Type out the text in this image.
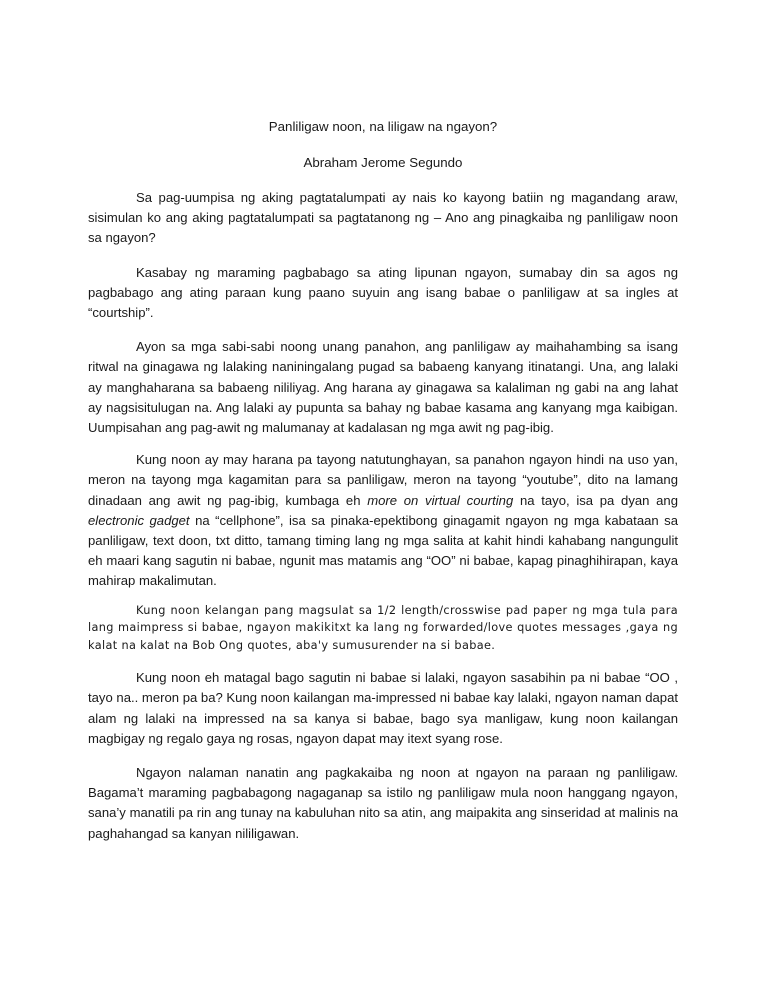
Panliligaw noon, na liligaw na ngayon?
Abraham Jerome Segundo

Sa pag-uumpisa ng aking pagtatalumpati ay nais ko kayong batiin ng magandang araw, sisimulan ko ang aking pagtatalumpati sa pagtatanong ng – Ano ang pinagkaiba ng panliligaw noon sa ngayon?

Kasabay ng maraming pagbabago sa ating lipunan ngayon, sumabay din sa agos ng pagbabago ang ating paraan kung paano suyuin ang isang babae o panliligaw at sa ingles at “courtship”.

Ayon sa mga sabi-sabi noong unang panahon, ang panliligaw ay maihahambing sa isang ritwal na ginagawa ng lalaking naniningalang pugad sa babaeng kanyang itinatangi. Una, ang lalaki ay manghaharana sa babaeng nililiyag. Ang harana ay ginagawa sa kalaliman ng gabi na ang lahat ay nagsisitulugan na. Ang lalaki ay pupunta sa bahay ng babae kasama ang kanyang mga kaibigan. Uumpisahan ang pag-awit ng malumanay at kadalasan ng mga awit ng pag-ibig.

Kung noon ay may harana pa tayong natutunghayan, sa panahon ngayon hindi na uso yan, meron na tayong mga kagamitan para sa panliligaw, meron na tayong “youtube”, dito na lamang dinadaan ang awit ng pag-ibig, kumbaga eh more on virtual courting na tayo, isa pa dyan ang electronic gadget na “cellphone”, isa sa pinaka-epektibong ginagamit ngayon ng mga kabataan sa panliligaw, text doon, txt ditto, tamang timing lang ng mga salita at kahit hindi kahabang nangungulit eh maari kang sagutin ni babae, ngunit mas matamis ang “OO” ni babae, kapag pinaghihirapan, kaya mahirap makalimutan.

Kung noon kelangan pang magsulat sa 1/2 length/crosswise pad paper ng mga tula para lang maimpress si babae, ngayon makikitxt ka lang ng forwarded/love quotes messages ,gaya ng kalat na kalat na Bob Ong quotes, aba'y sumusurender na si babae.

Kung noon eh matagal bago sagutin ni babae si lalaki, ngayon sasabihin pa ni babae “OO , tayo na.. meron pa ba? Kung noon kailangan ma-impressed ni babae kay lalaki, ngayon naman dapat alam ng lalaki na impressed na sa kanya si babae, bago sya manligaw, kung noon kailangan magbigay ng regalo gaya ng rosas, ngayon dapat may itext syang rose.

Ngayon nalaman nanatin ang pagkakaiba ng noon at ngayon na paraan ng panliligaw. Bagama’t maraming pagbabagong nagaganap sa istilo ng panliligaw mula noon hanggang ngayon, sana’y manatili pa rin ang tunay na kabuluhan nito sa atin, ang maipakita ang sinseridad at malinis na paghahangad sa kanyan nililigawan.
